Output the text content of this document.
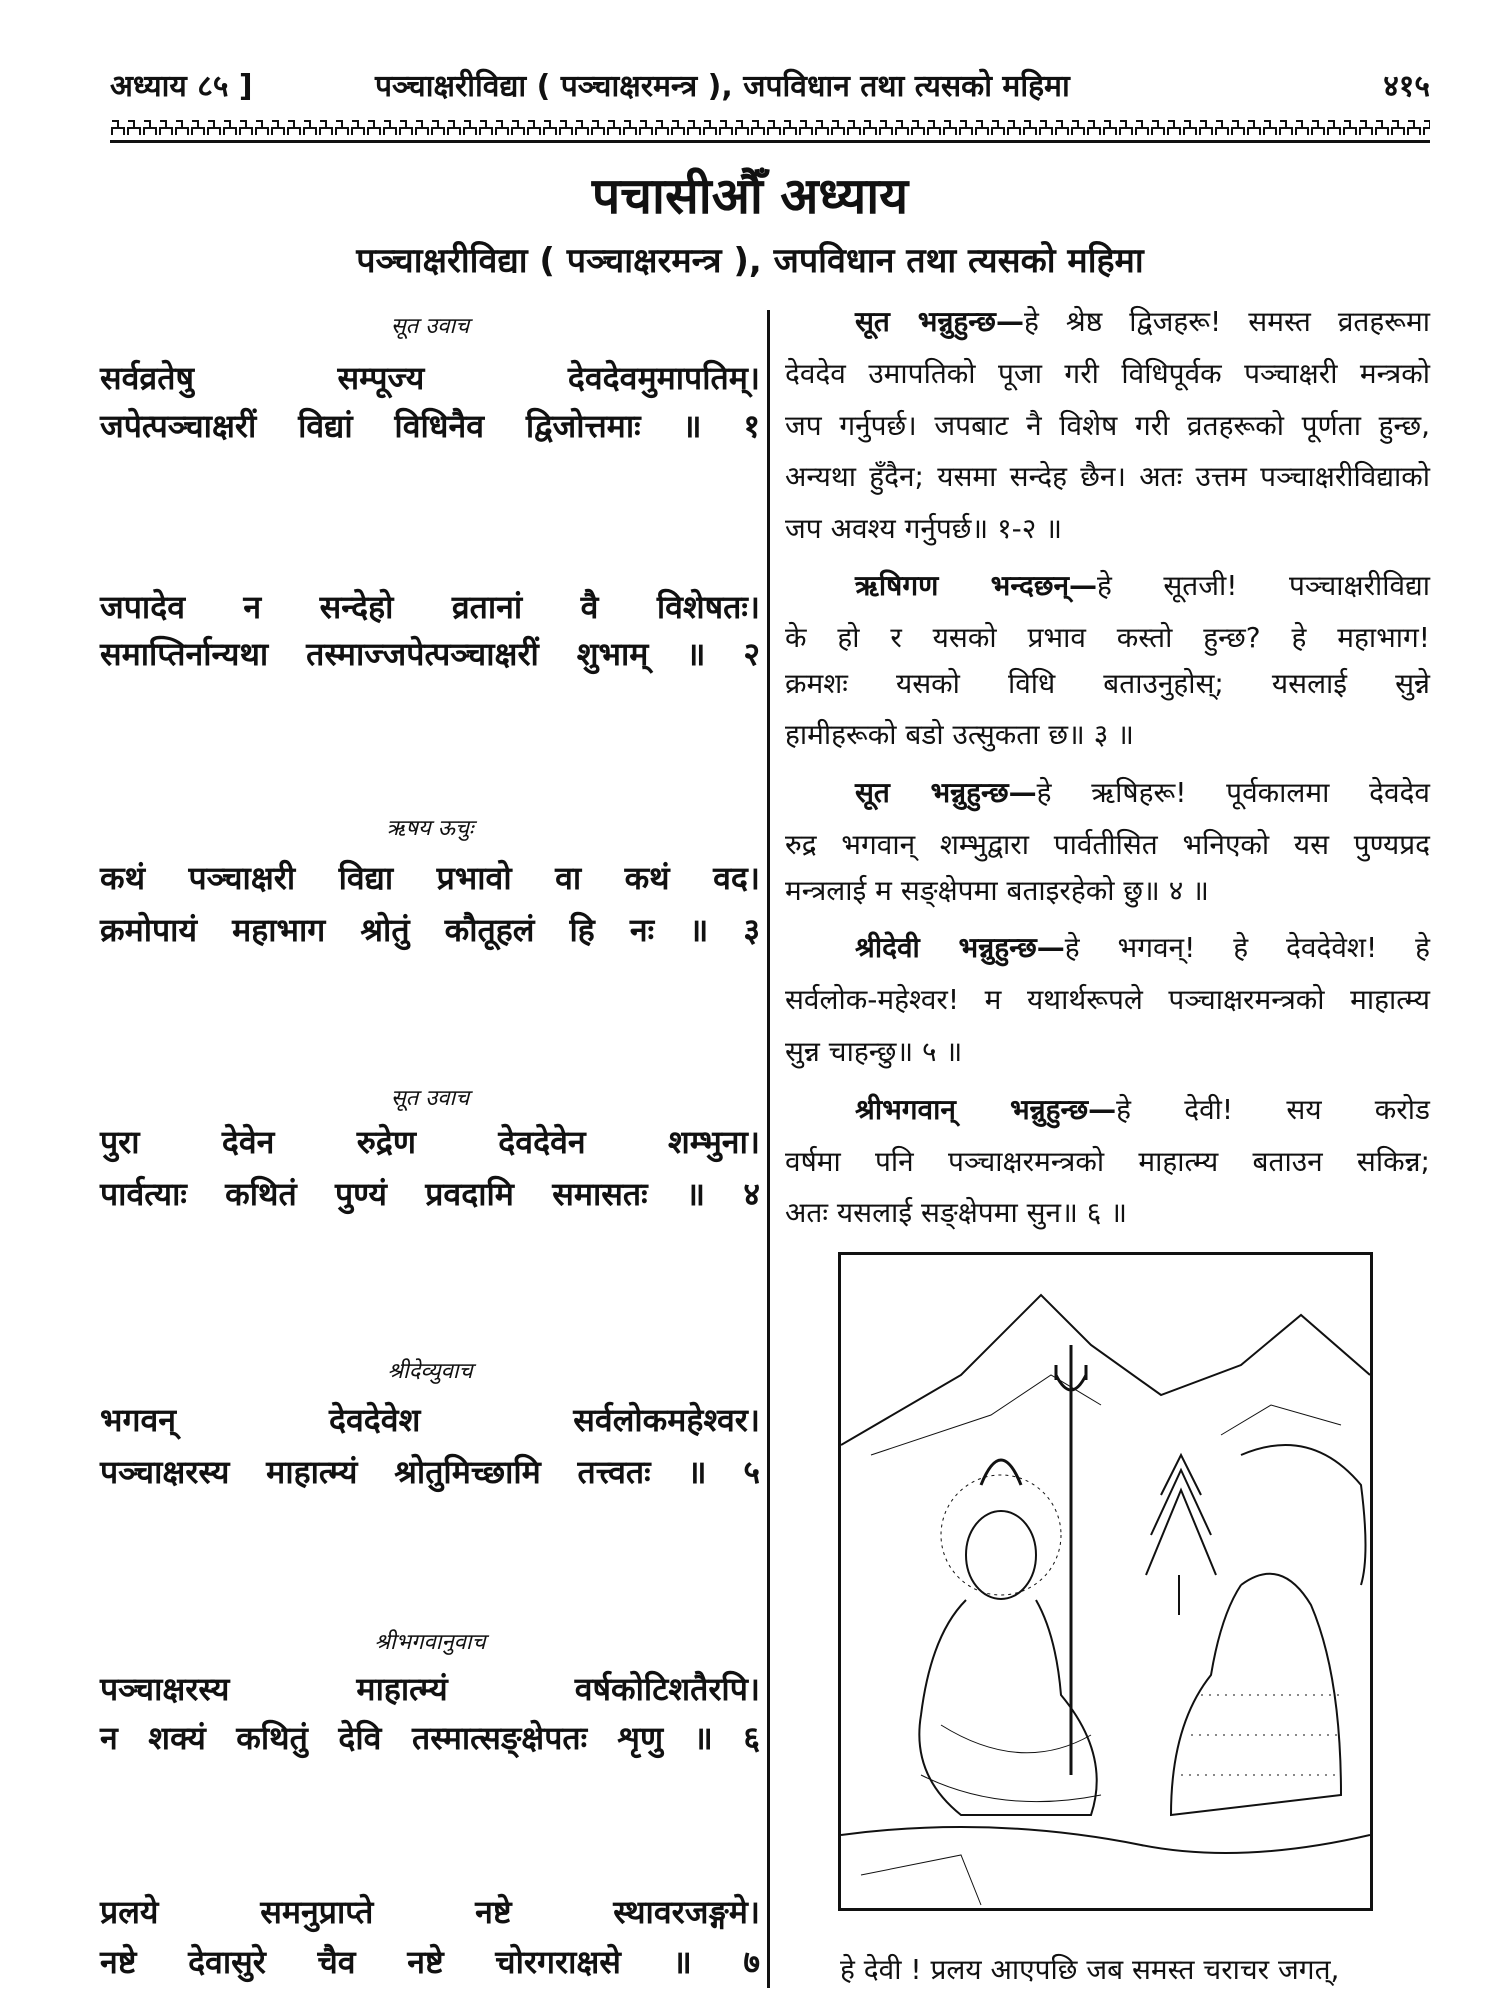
अध्याय ८५ ]	पञ्चाक्षरीविद्या ( पञ्चाक्षरमन्त्र ), जपविधान तथा त्यसको महिमा	४१५
पचासीऔँ अध्याय
पञ्चाक्षरीविद्या ( पञ्चाक्षरमन्त्र ), जपविधान तथा त्यसको महिमा
सूत उवाच
सर्वव्रतेषु सम्पूज्य देवदेवमुमापतिम्।
जपेत्पञ्चाक्षरीं विद्यां विधिनैव द्विजोत्तमाः ॥ १
जपादेव न सन्देहो व्रतानां वै विशेषतः।
समाप्तिर्नान्यथा तस्माज्जपेत्पञ्चाक्षरीं शुभाम् ॥ २
ऋषय ऊचुः
कथं पञ्चाक्षरी विद्या प्रभावो वा कथं वद।
क्रमोपायं महाभाग श्रोतुं कौतूहलं हि नः ॥ ३
सूत उवाच
पुरा देवेन रुद्रेण देवदेवेन शम्भुना।
पार्वत्याः कथितं पुण्यं प्रवदामि समासतः ॥ ४
श्रीदेव्युवाच
भगवन् देवदेवेश सर्वलोकमहेश्वर।
पञ्चाक्षरस्य माहात्म्यं श्रोतुमिच्छामि तत्त्वतः ॥ ५
श्रीभगवानुवाच
पञ्चाक्षरस्य माहात्म्यं वर्षकोटिशतैरपि।
न शक्यं कथितुं देवि तस्मात्सङ्क्षेपतः शृणु ॥ ६
प्रलये समनुप्राप्ते नष्टे स्थावरजङ्गमे।
नष्टे देवासुरे चैव नष्टे चोरगराक्षसे ॥ ७
सूत भन्नुहुन्छ—हे श्रेष्ठ द्विजहरू! समस्त व्रतहरूमा
देवदेव उमापतिको पूजा गरी विधिपूर्वक पञ्चाक्षरी मन्त्रको
जप गर्नुपर्छ। जपबाट नै विशेष गरी व्रतहरूको पूर्णता हुन्छ,
अन्यथा हुँदैन; यसमा सन्देह छैन। अतः उत्तम पञ्चाक्षरीविद्याको
जप अवश्य गर्नुपर्छ॥ १-२ ॥
ऋषिगण भन्दछन्—हे सूतजी! पञ्चाक्षरीविद्या
के हो र यसको प्रभाव कस्तो हुन्छ? हे महाभाग!
क्रमशः यसको विधि बताउनुहोस्; यसलाई सुन्ने
हामीहरूको बडो उत्सुकता छ॥ ३ ॥
सूत भन्नुहुन्छ—हे ऋषिहरू! पूर्वकालमा देवदेव
रुद्र भगवान् शम्भुद्वारा पार्वतीसित भनिएको यस पुण्यप्रद
मन्त्रलाई म सङ्क्षेपमा बताइरहेको छु॥ ४ ॥
श्रीदेवी भन्नुहुन्छ—हे भगवन्! हे देवदेवेश! हे
सर्वलोक-महेश्वर! म यथार्थरूपले पञ्चाक्षरमन्त्रको माहात्म्य
सुन्न चाहन्छु॥ ५ ॥
श्रीभगवान् भन्नुहुन्छ—हे देवी! सय करोड
वर्षमा पनि पञ्चाक्षरमन्त्रको माहात्म्य बताउन सकिन्न;
अतः यसलाई सङ्क्षेपमा सुन॥ ६ ॥
हे देवी ! प्रलय आएपछि जब समस्त चराचर जगत्,
